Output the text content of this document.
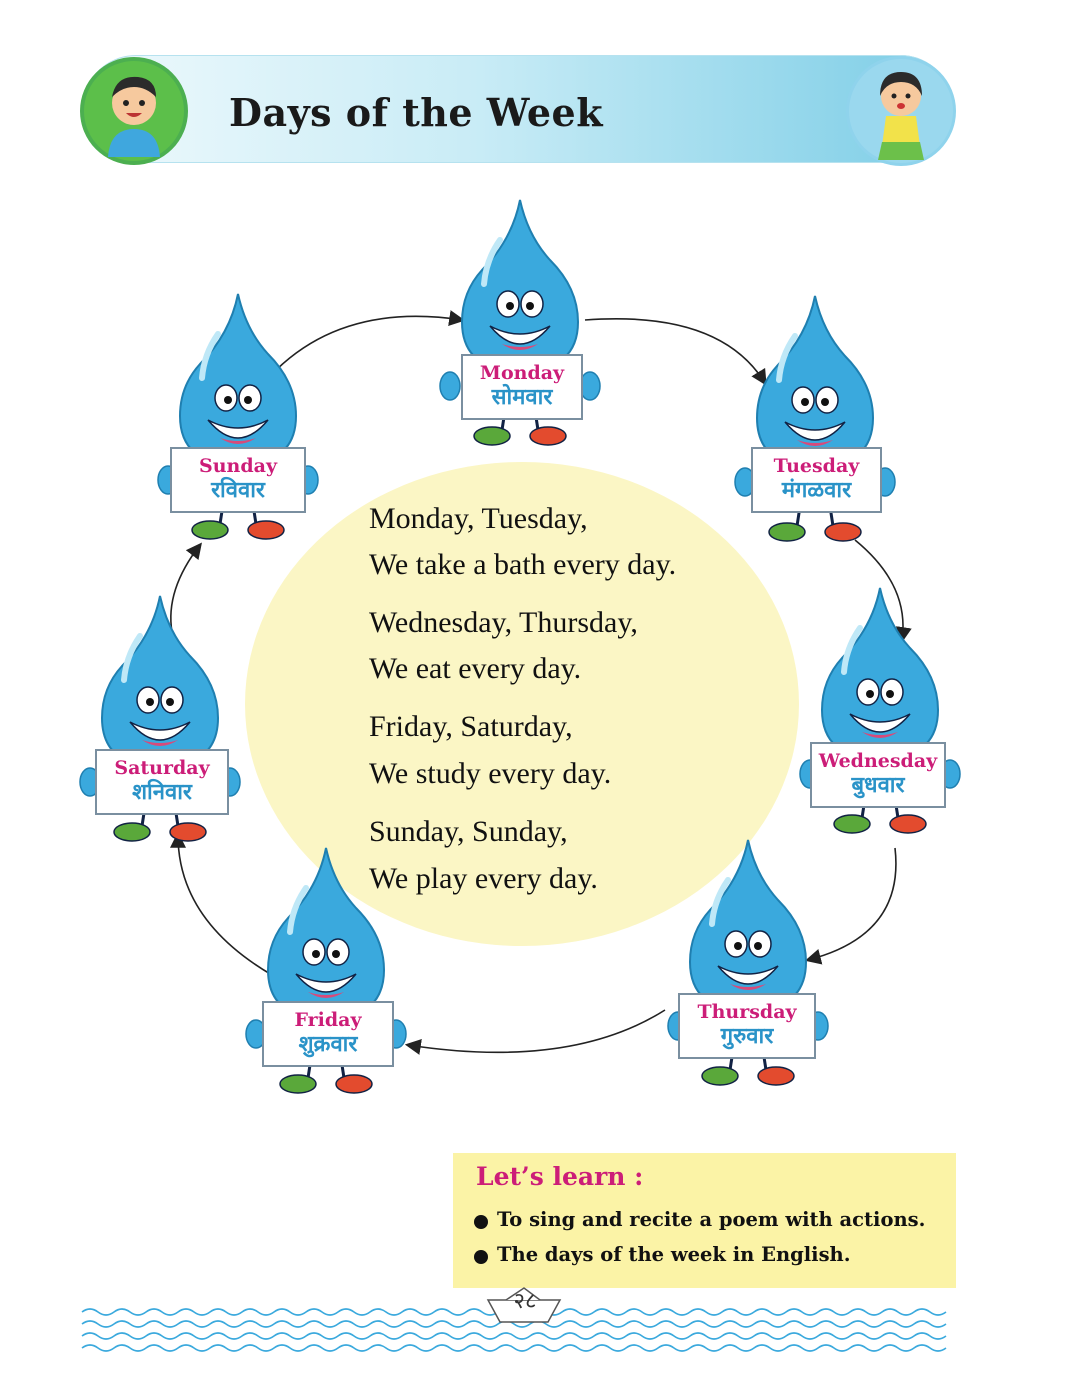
Days of the Week
Monday, Tuesday,
We take a bath every day.
Wednesday, Thursday,
We eat every day.
Friday, Saturday,
We study every day.
Sunday, Sunday,
We play every day.
Monday
सोमवार
Tuesday
मंगळवार
Wednesday
बुधवार
Thursday
गुरुवार
Friday
शुक्रवार
Saturday
शनिवार
Sunday
रविवार
Let’s learn :
To sing and recite a poem with actions.
The days of the week in English.
२८
